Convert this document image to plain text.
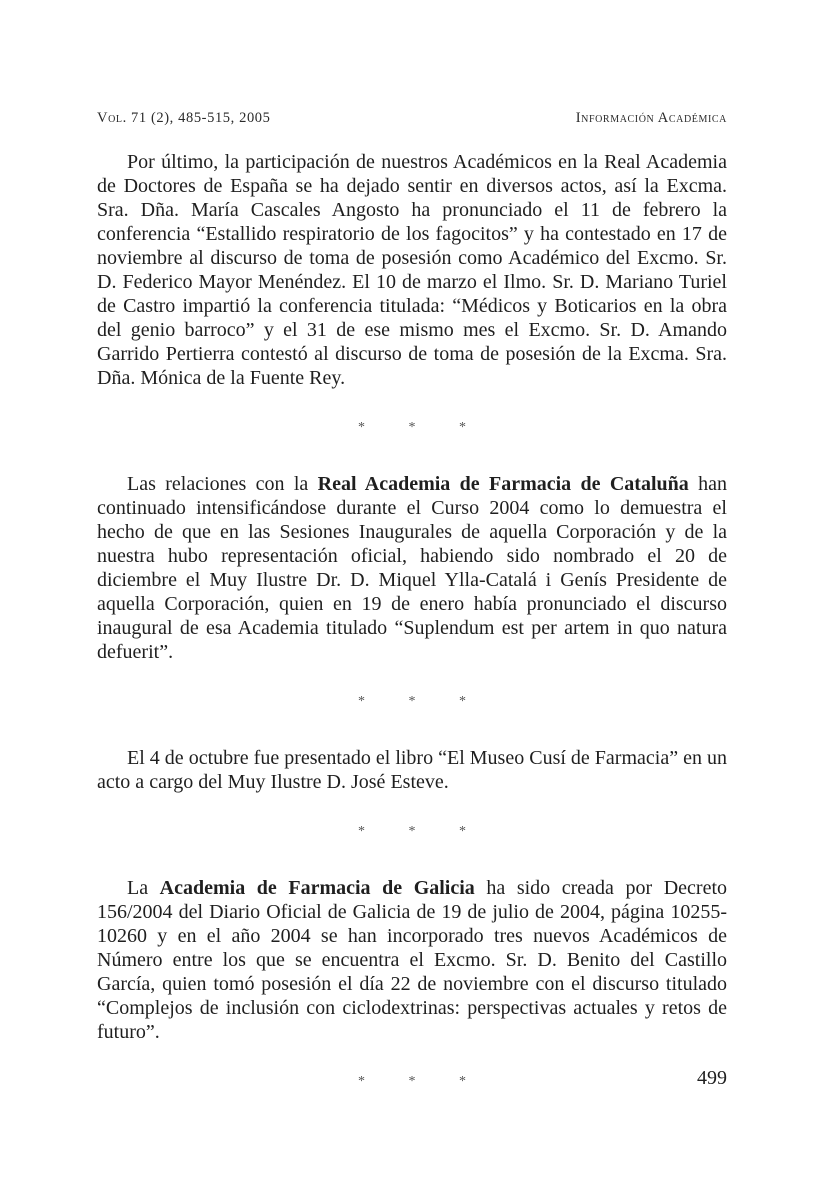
Vol. 71 (2), 485-515, 2005	Información Académica

Por último, la participación de nuestros Académicos en la Real Academia de Doctores de España se ha dejado sentir en diversos actos, así la Excma. Sra. Dña. María Cascales Angosto ha pronunciado el 11 de febrero la conferencia “Estallido respiratorio de los fagocitos” y ha contestado en 17 de noviembre al discurso de toma de posesión como Académico del Excmo. Sr. D. Federico Mayor Menéndez. El 10 de marzo el Ilmo. Sr. D. Mariano Turiel de Castro impartió la conferencia titulada: “Médicos y Boticarios en la obra del genio barroco” y el 31 de ese mismo mes el Excmo. Sr. D. Amando Garrido Pertierra contestó al discurso de toma de posesión de la Excma. Sra. Dña. Mónica de la Fuente Rey.

* * *

Las relaciones con la Real Academia de Farmacia de Cataluña han continuado intensificándose durante el Curso 2004 como lo demuestra el hecho de que en las Sesiones Inaugurales de aquella Corporación y de la nuestra hubo representación oficial, habiendo sido nombrado el 20 de diciembre el Muy Ilustre Dr. D. Miquel Ylla-Catalá i Genís Presidente de aquella Corporación, quien en 19 de enero había pronunciado el discurso inaugural de esa Academia titulado “Suplendum est per artem in quo natura defuerit”.

* * *

El 4 de octubre fue presentado el libro “El Museo Cusí de Farmacia” en un acto a cargo del Muy Ilustre D. José Esteve.

* * *

La Academia de Farmacia de Galicia ha sido creada por Decreto 156/2004 del Diario Oficial de Galicia de 19 de julio de 2004, página 10255-10260 y en el año 2004 se han incorporado tres nuevos Académicos de Número entre los que se encuentra el Excmo. Sr. D. Benito del Castillo García, quien tomó posesión el día 22 de noviembre con el discurso titulado “Complejos de inclusión con ciclodextrinas: perspectivas actuales y retos de futuro”.

* * *	499
